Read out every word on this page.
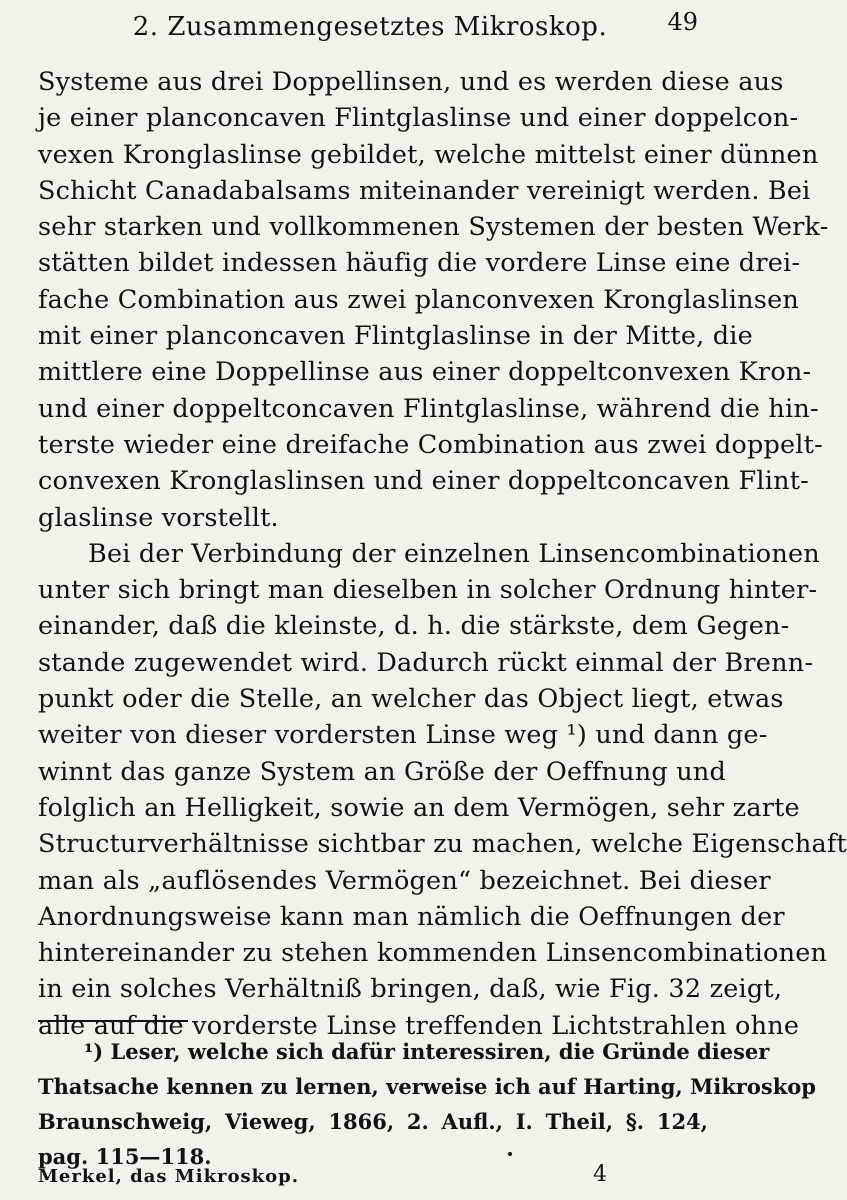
2. Zusammengesetztes Mikroskop.	49
Systeme aus drei Doppellinsen, und es werden diese aus
je einer planconcaven Flintglaslinse und einer doppelcon-
vexen Kronglaslinse gebildet, welche mittelst einer dünnen
Schicht Canadabalsams miteinander vereinigt werden. Bei
sehr starken und vollkommenen Systemen der besten Werk-
stätten bildet indessen häufig die vordere Linse eine drei-
fache Combination aus zwei planconvexen Kronglaslinsen
mit einer planconcaven Flintglaslinse in der Mitte, die
mittlere eine Doppellinse aus einer doppeltconvexen Kron-
und einer doppeltconcaven Flintglaslinse, während die hin-
terste wieder eine dreifache Combination aus zwei doppelt-
convexen Kronglaslinsen und einer doppeltconcaven Flint-
glaslinse vorstellt.
Bei der Verbindung der einzelnen Linsencombinationen
unter sich bringt man dieselben in solcher Ordnung hinter-
einander, daß die kleinste, d. h. die stärkste, dem Gegen-
stande zugewendet wird. Dadurch rückt einmal der Brenn-
punkt oder die Stelle, an welcher das Object liegt, etwas
weiter von dieser vordersten Linse weg ¹) und dann ge-
winnt das ganze System an Größe der Oeffnung und
folglich an Helligkeit, sowie an dem Vermögen, sehr zarte
Structurverhältnisse sichtbar zu machen, welche Eigenschaft
man als „auflösendes Vermögen“ bezeichnet. Bei dieser
Anordnungsweise kann man nämlich die Oeffnungen der
hintereinander zu stehen kommenden Linsencombinationen
in ein solches Verhältniß bringen, daß, wie Fig. 32 zeigt,
alle auf die vorderste Linse treffenden Lichtstrahlen ohne
¹) Leser, welche sich dafür interessiren, die Gründe dieser
Thatsache kennen zu lernen, verweise ich auf Harting, Mikroskop
Braunschweig, Vieweg, 1866, 2. Aufl., I. Theil, §. 124,
pag. 115—118.
Merkel, das Mikroskop.	4
